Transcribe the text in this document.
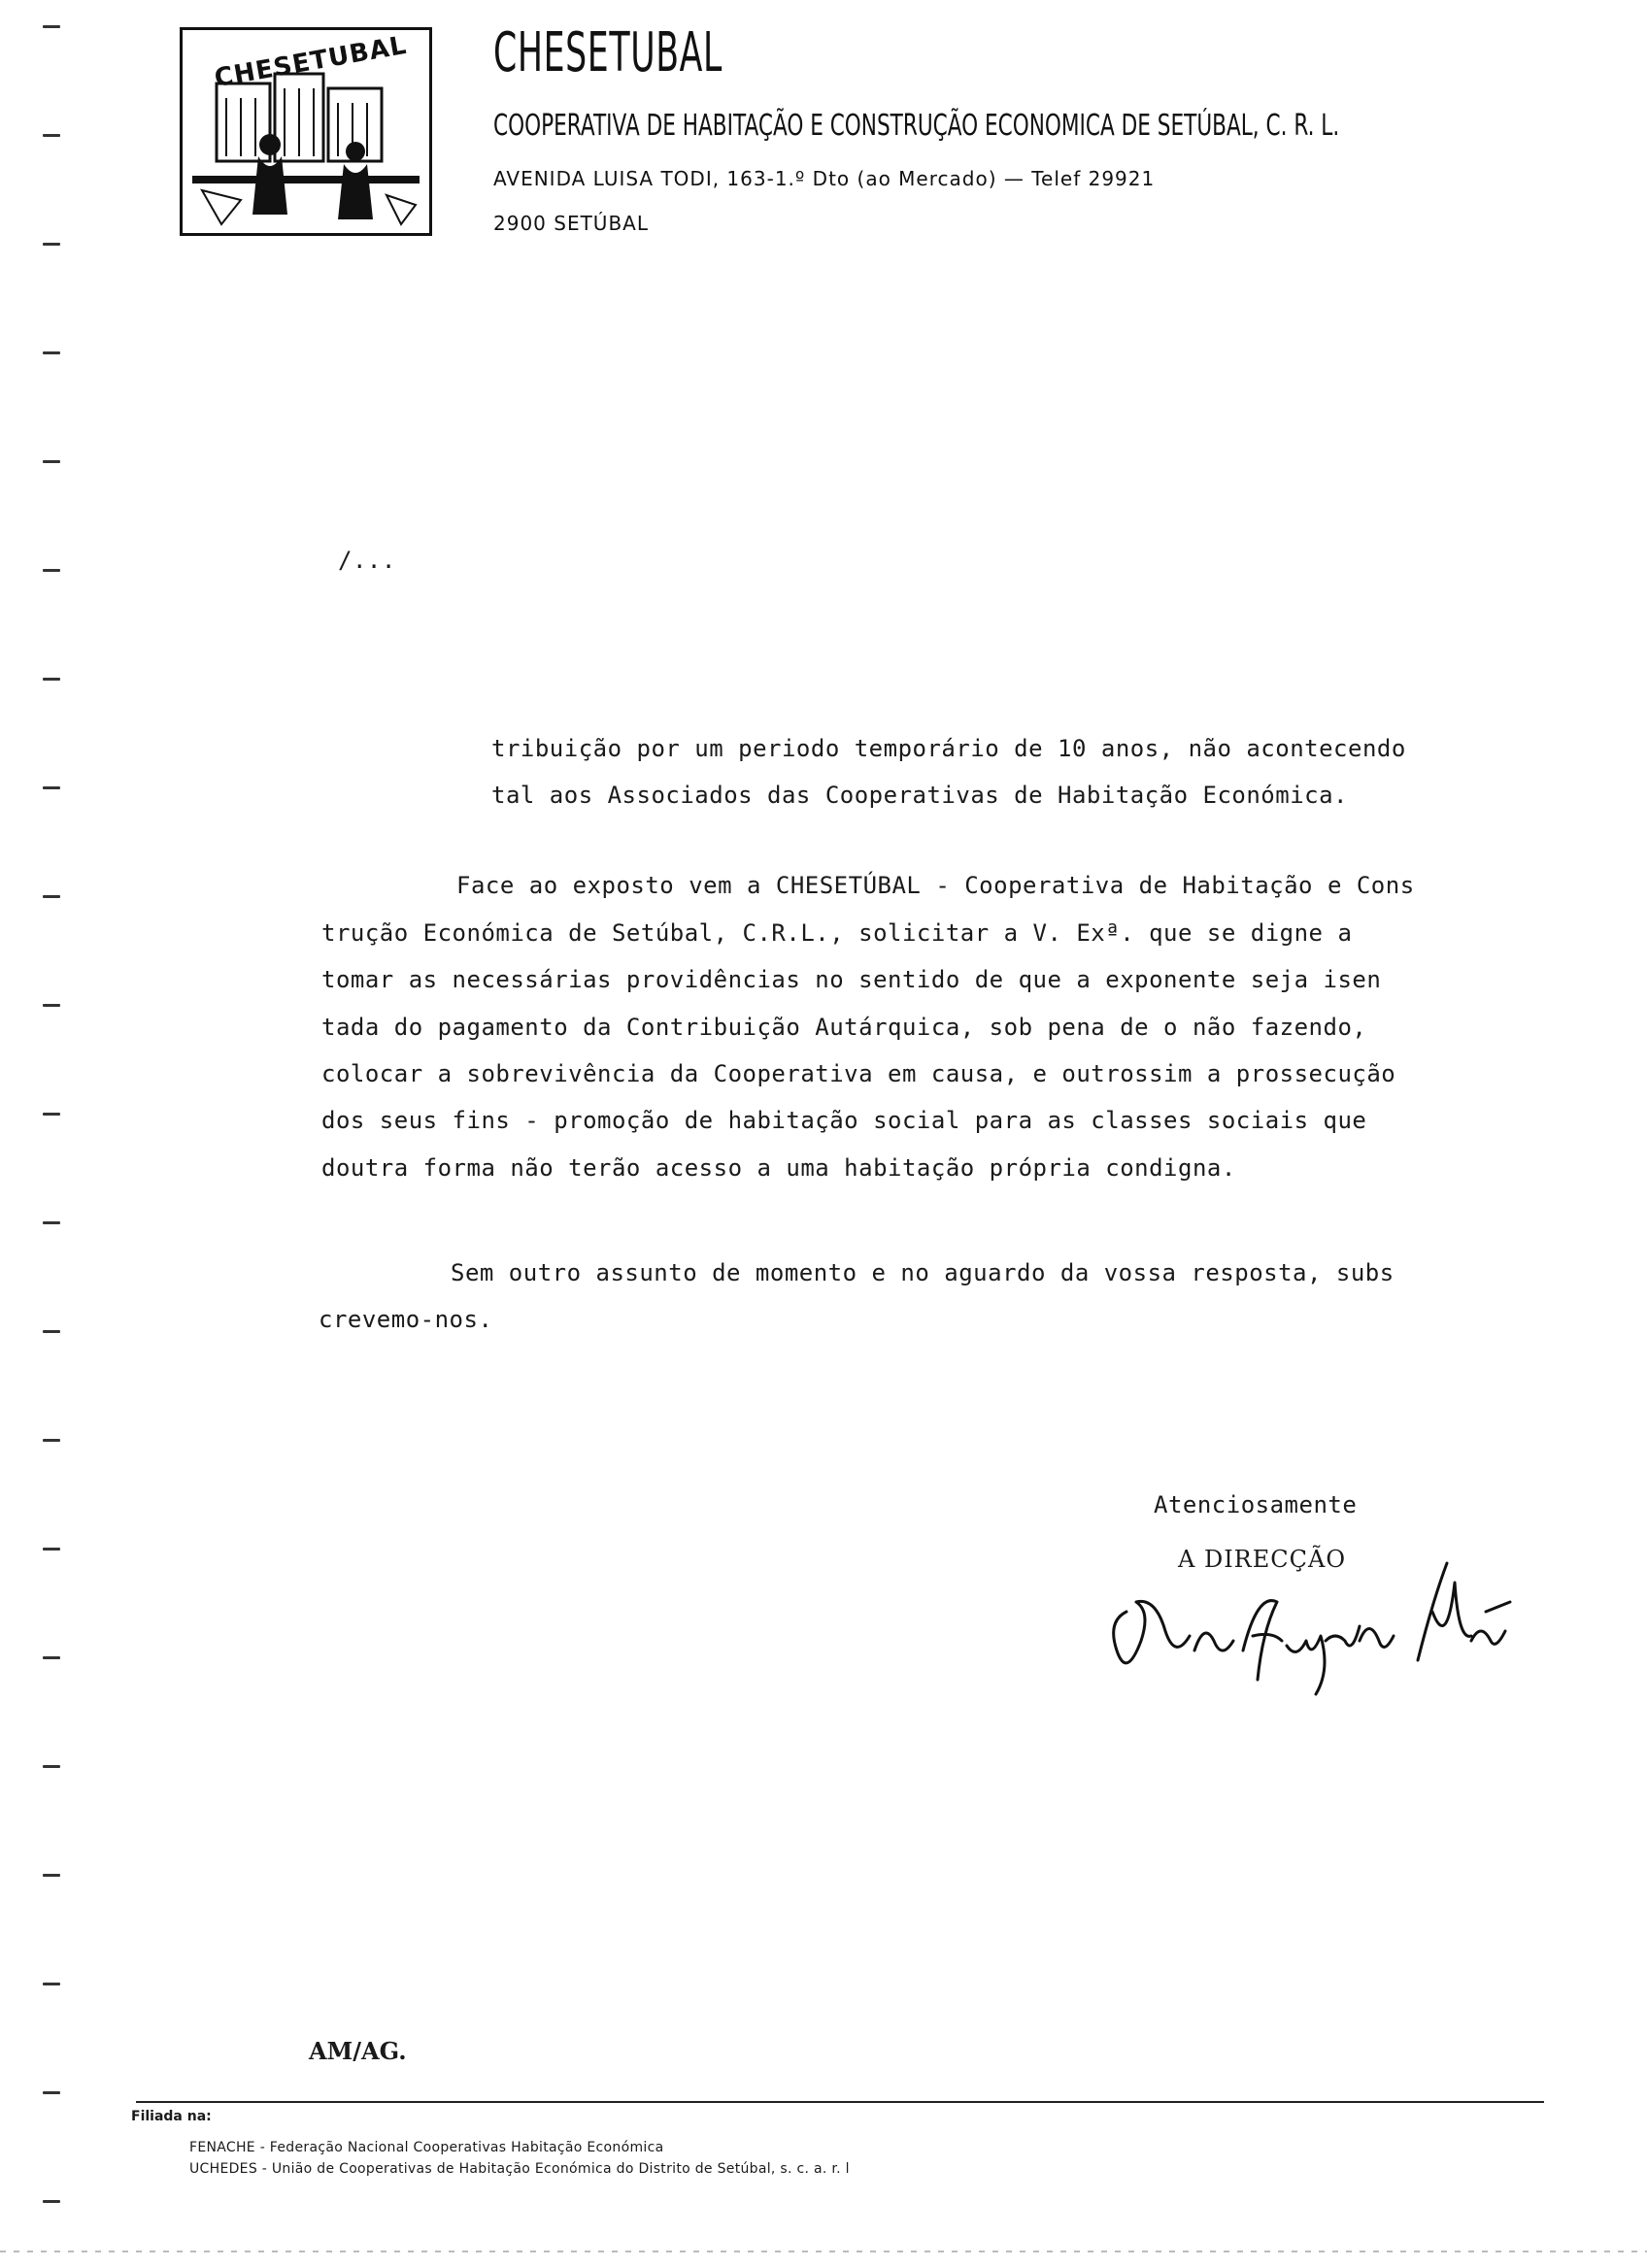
CHESETUBAL CHESETUBAL
COOPERATIVA DE HABITAÇÃO E CONSTRUÇÃO ECONOMICA DE SETÚBAL, C. R. L.
AVENIDA LUISA TODI, 163-1.º Dto (ao Mercado) — Telef 29921
2900 SETÚBAL
/...
tribuição por um periodo temporário de 10 anos, não acontecendo
tal aos Associados das Cooperativas de Habitação Económica.
Face ao exposto vem a CHESETÚBAL - Cooperativa de Habitação e Cons
trução Económica de Setúbal, C.R.L., solicitar a V. Exª. que se digne a
tomar as necessárias providências no sentido de que a exponente seja isen
tada do pagamento da Contribuição Autárquica, sob pena de o não fazendo,
colocar a sobrevivência da Cooperativa em causa, e outrossim a prossecução
dos seus fins - promoção de habitação social para as classes sociais que
doutra forma não terão acesso a uma habitação própria condigna.
Sem outro assunto de momento e no aguardo da vossa resposta, subs
crevemo-nos.
Atenciosamente
A DIRECÇÃO
AM/AG.
Filiada na:
FENACHE - Federação Nacional Cooperativas Habitação Económica
UCHEDES - União de Cooperativas de Habitação Económica do Distrito de Setúbal, s. c. a. r. l
